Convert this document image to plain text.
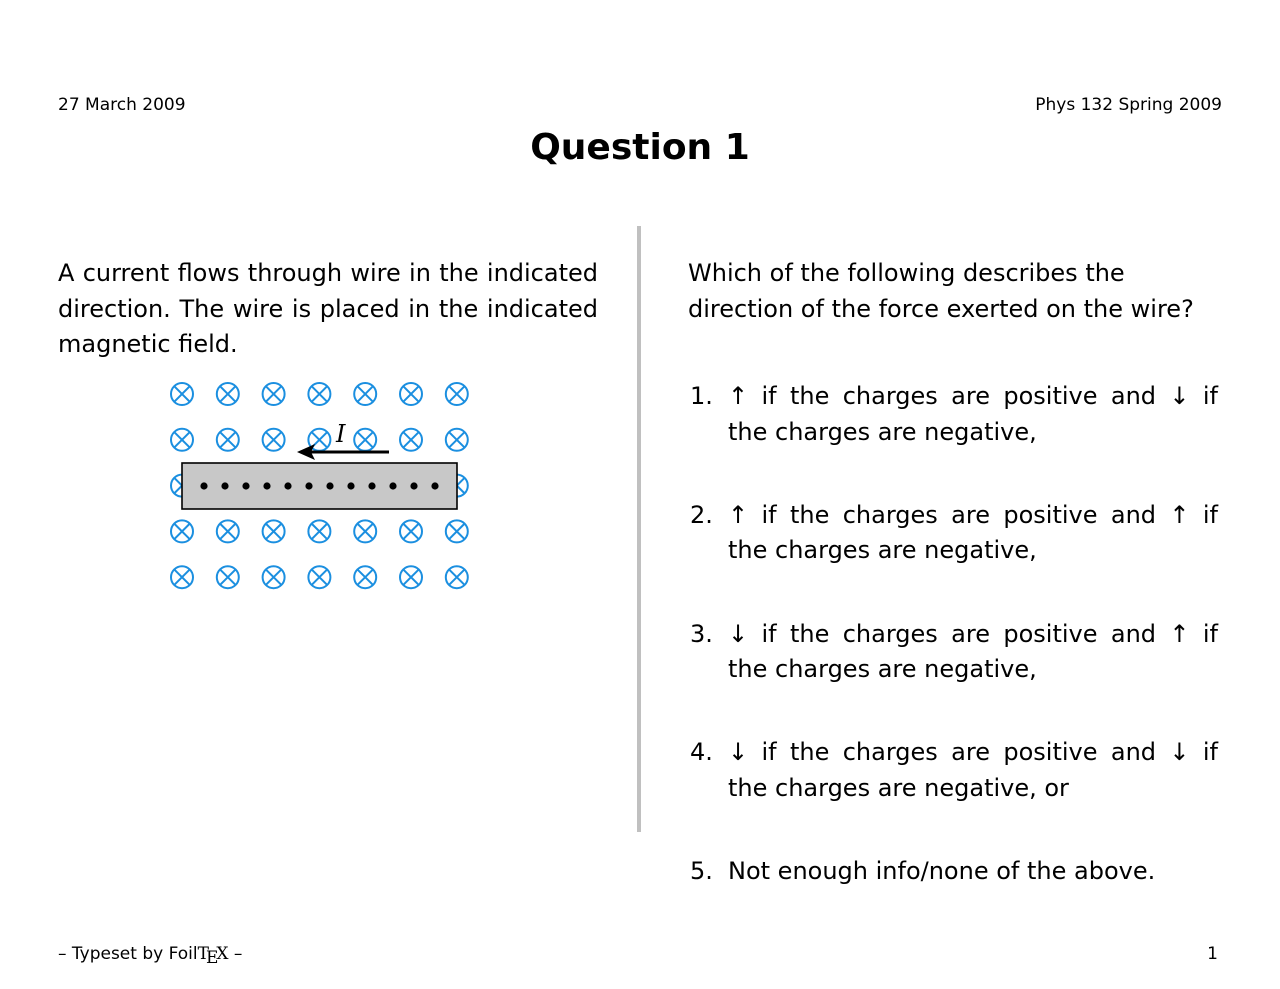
27 March 2009	Phys 132 Spring 2009
Question 1
A current flows through wire in the indicated direction. The wire is placed in the indicated magnetic field.
I
Which of the following describes the direction of the force exerted on the wire?
1. ↑ if the charges are positive and ↓ if the charges are negative,
2. ↑ if the charges are positive and ↑ if the charges are negative,
3. ↓ if the charges are positive and ↑ if the charges are negative,
4. ↓ if the charges are positive and ↓ if the charges are negative, or
5. Not enough info/none of the above.
– Typeset by FoilTEX –	1
